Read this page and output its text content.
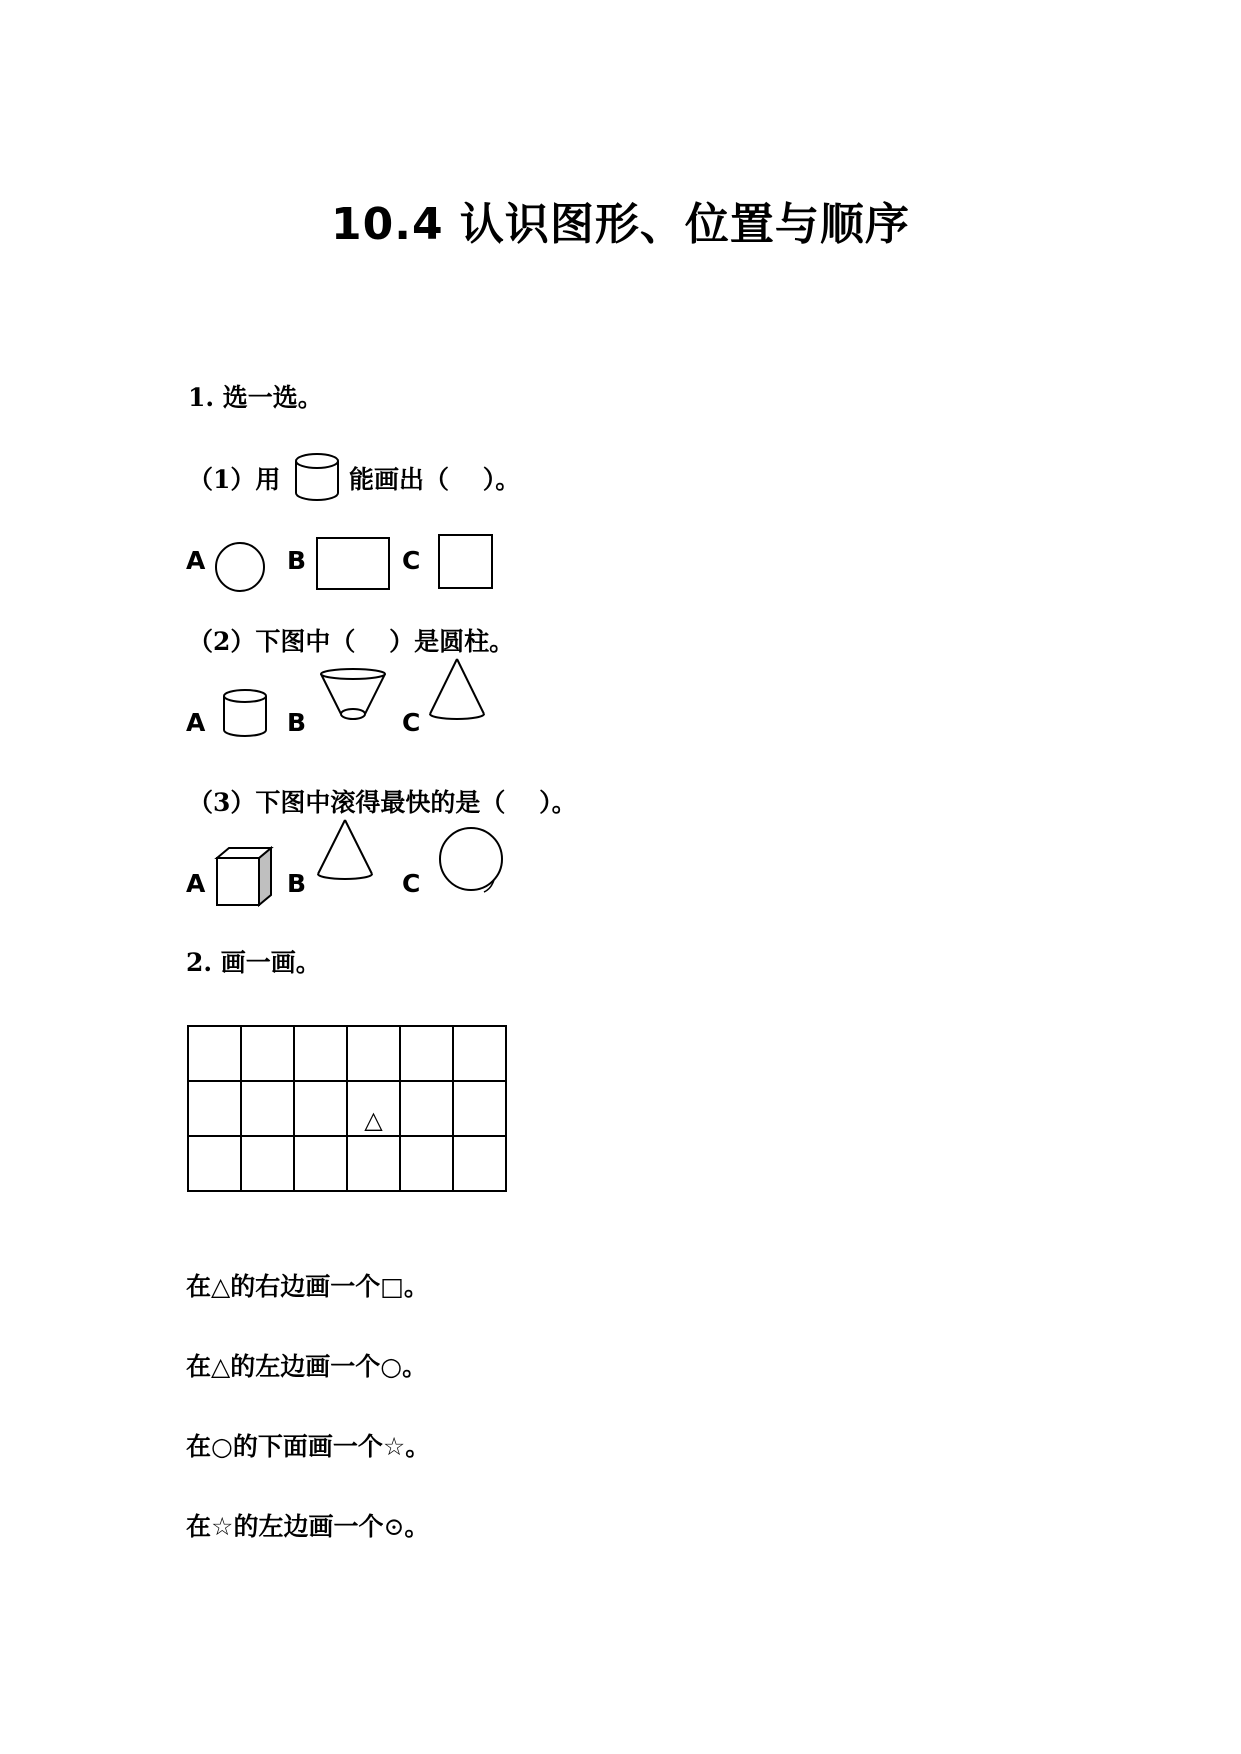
10.4 认识图形、位置与顺序
1. 选一选。
（1）用	能画出（　 ）。
A	B	C
（2）下图中（　 ）是圆柱。
A	B	C
（3）下图中滚得最快的是（　 ）。
A	B	C
2. 画一画。
△
在△的右边画一个□。
在△的左边画一个○。
在○的下面画一个☆。
在☆的左边画一个⊙。
